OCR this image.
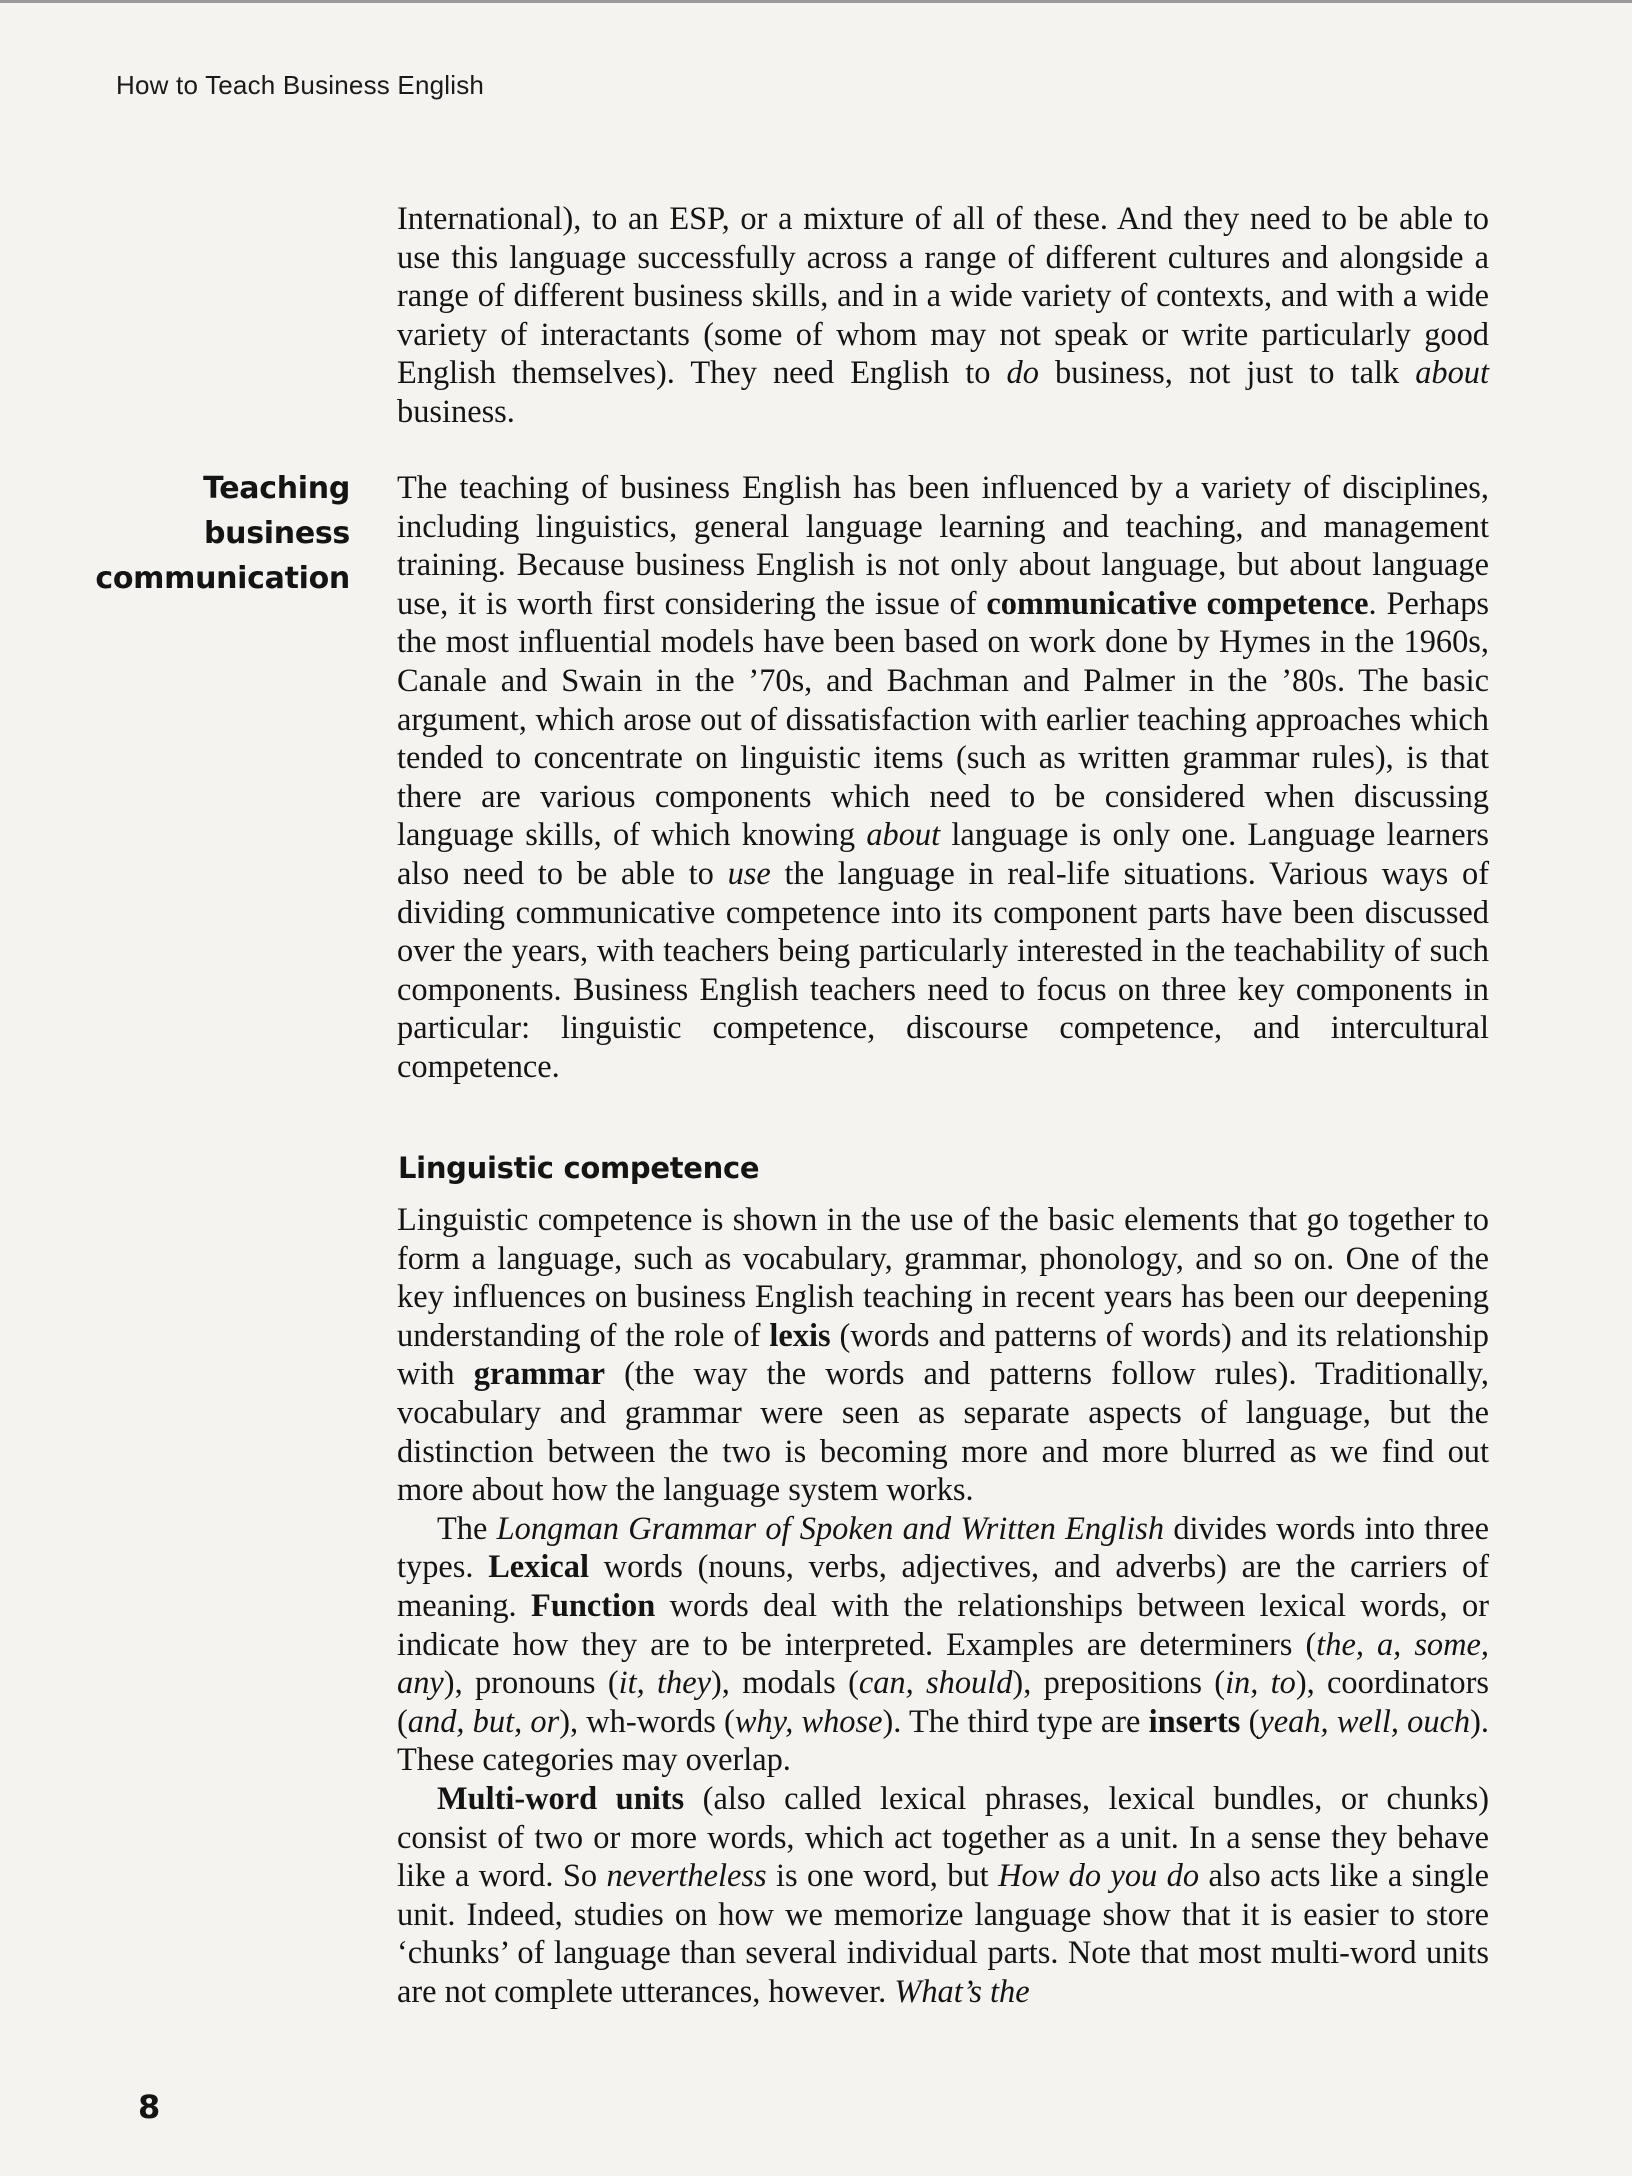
How to Teach Business English

International), to an ESP, or a mixture of all of these. And they need to be able to use this language successfully across a range of different cultures and alongside a range of different business skills, and in a wide variety of contexts, and with a wide variety of interactants (some of whom may not speak or write particularly good English themselves). They need English to do business, not just to talk about business.

Teaching
business
communication

The teaching of business English has been influenced by a variety of disciplines, including linguistics, general language learning and teaching, and management training. Because business English is not only about language, but about language use, it is worth first considering the issue of communicative competence. Perhaps the most influential models have been based on work done by Hymes in the 1960s, Canale and Swain in the ’70s, and Bachman and Palmer in the ’80s. The basic argument, which arose out of dissatisfaction with earlier teaching approaches which tended to concentrate on linguistic items (such as written grammar rules), is that there are various components which need to be considered when discussing language skills, of which knowing about language is only one. Language learners also need to be able to use the language in real-life situations. Various ways of dividing communicative competence into its component parts have been discussed over the years, with teachers being particularly interested in the teachability of such components. Business English teachers need to focus on three key components in particular: linguistic competence, discourse competence, and intercultural competence.

Linguistic competence

Linguistic competence is shown in the use of the basic elements that go together to form a language, such as vocabulary, grammar, phonology, and so on. One of the key influences on business English teaching in recent years has been our deepening understanding of the role of lexis (words and patterns of words) and its relationship with grammar (the way the words and patterns follow rules). Traditionally, vocabulary and grammar were seen as separate aspects of language, but the distinction between the two is becoming more and more blurred as we find out more about how the language system works.

The Longman Grammar of Spoken and Written English divides words into three types. Lexical words (nouns, verbs, adjectives, and adverbs) are the carriers of meaning. Function words deal with the relationships between lexical words, or indicate how they are to be interpreted. Examples are determiners (the, a, some, any), pronouns (it, they), modals (can, should), prepositions (in, to), coordinators (and, but, or), wh-words (why, whose). The third type are inserts (yeah, well, ouch). These categories may overlap.

Multi-word units (also called lexical phrases, lexical bundles, or chunks) consist of two or more words, which act together as a unit. In a sense they behave like a word. So nevertheless is one word, but How do you do also acts like a single unit. Indeed, studies on how we memorize language show that it is easier to store ‘chunks’ of language than several individual parts. Note that most multi-word units are not complete utterances, however. What’s the

8
